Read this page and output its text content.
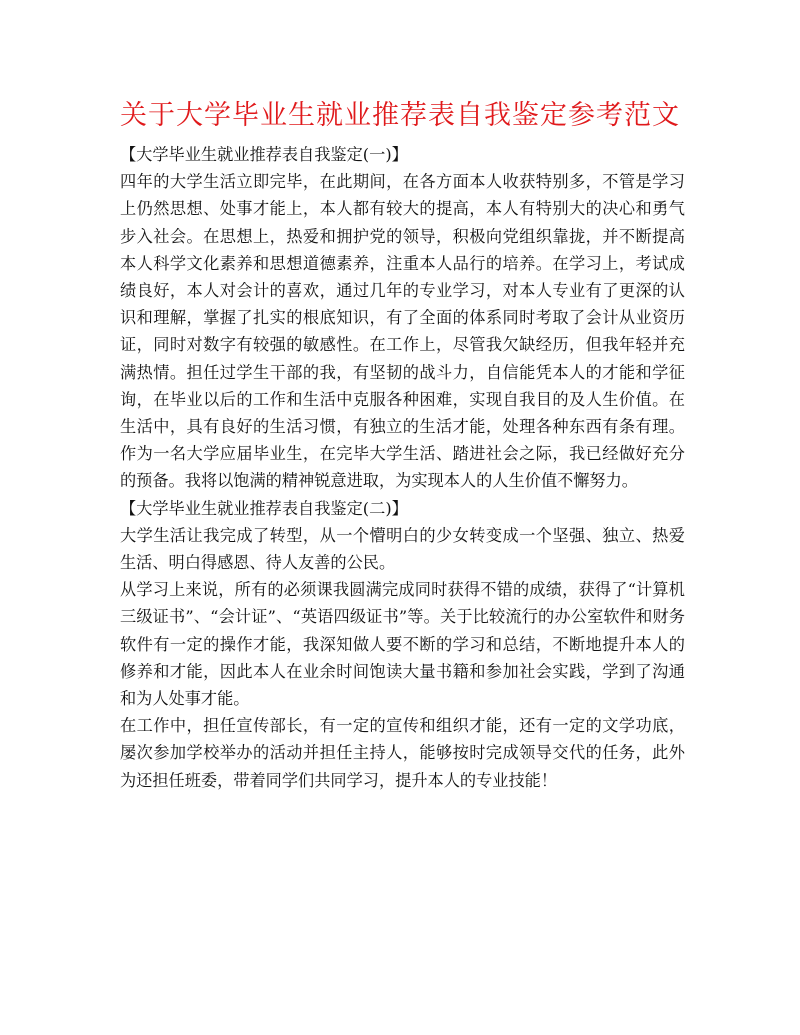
关于大学毕业生就业推荐表自我鉴定参考范文

【大学毕业生就业推荐表自我鉴定(一)】

四年的大学生活立即完毕，在此期间，在各方面本人收获特别多，不管是学习上仍然思想、处事才能上，本人都有较大的提高，本人有特别大的决心和勇气步入社会。在思想上，热爱和拥护党的领导，积极向党组织靠拢，并不断提高本人科学文化素养和思想道德素养，注重本人品行的培养。在学习上，考试成绩良好，本人对会计的喜欢，通过几年的专业学习，对本人专业有了更深的认识和理解，掌握了扎实的根底知识，有了全面的体系同时考取了会计从业资历证，同时对数字有较强的敏感性。在工作上，尽管我欠缺经历，但我年轻并充满热情。担任过学生干部的我，有坚韧的战斗力，自信能凭本人的才能和学征询，在毕业以后的工作和生活中克服各种困难，实现自我目的及人生价值。在生活中，具有良好的生活习惯，有独立的生活才能，处理各种东西有条有理。作为一名大学应届毕业生，在完毕大学生活、踏进社会之际，我已经做好充分的预备。我将以饱满的精神锐意进取，为实现本人的人生价值不懈努力。

【大学毕业生就业推荐表自我鉴定(二)】

大学生活让我完成了转型，从一个懵明白的少女转变成一个坚强、独立、热爱生活、明白得感恩、待人友善的公民。

从学习上来说，所有的必须课我圆满完成同时获得不错的成绩，获得了“计算机三级证书”、“会计证”、“英语四级证书”等。关于比较流行的办公室软件和财务软件有一定的操作才能，我深知做人要不断的学习和总结，不断地提升本人的修养和才能，因此本人在业余时间饱读大量书籍和参加社会实践，学到了沟通和为人处事才能。

在工作中，担任宣传部长，有一定的宣传和组织才能，还有一定的文学功底，屡次参加学校举办的活动并担任主持人，能够按时完成领导交代的任务，此外为还担任班委，带着同学们共同学习，提升本人的专业技能！
